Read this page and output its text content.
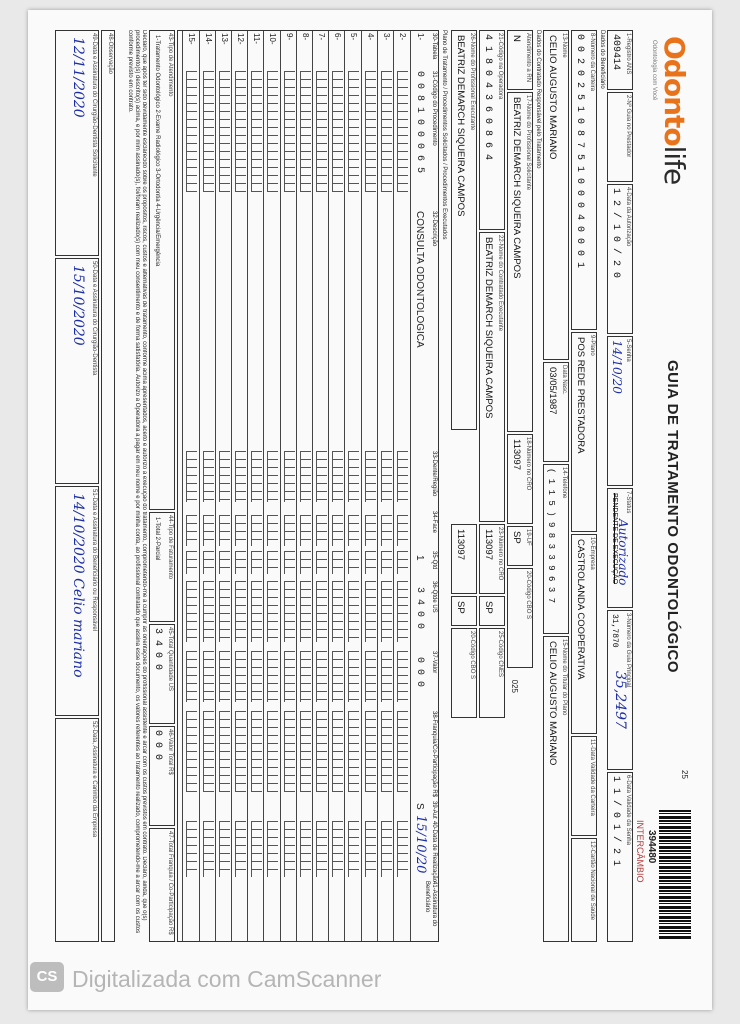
Odontolife
Odontologia com Você
GUIA DE TRATAMENTO ODONTOLÓGICO
25
394480
INTERCÂMBIO
1-Registro ANS
409414
2-Nº Guia no Prestador
4-Data da Autorização
1 2 / 1 0 / 2 0
5-Senha
14/10/20
7-Status
PENDENTE DE EXECUÇÃO
Autorizado
3-Número da Guia Principal
31,7870
35,2497
6-Data Validade da Senha
1 1 / 0 1 / 2 1
Dados do Beneficiário
8-Número da Carteira
0 0 2 0 2 5 1 0 8 7 5 1 0 0 0 4 0 0 0 1
9-Plano
POS REDE PRESTADORA
10-Empresa
CASTROLANDA COOPERATIVA
11-Data Validade da Carteira
12-Cartão Nacional de Saúde
13-Nome
CELIO AUGUSTO MARIANO
Data Nasc.
03/05/1987
14-Telefone
( 1 1 5 ) 9 8 3 3 9 6 3 7
15-Nome do Titular do Plano
CELIO AUGUSTO MARIANO
Dados do Contratado Responsável pelo Tratamento
Atendimento a RN
N
17-Nome do Profissional Solicitante
BEATRIZ DEMARCH SIQUEIRA CAMPOS
18-Número no CRO
113097
19-UF
SP
20-Código CBO S
025
21-Código na Operadora
4 1 8 0 4 3 6 0 8 6 4
22-Nome do Contratado Executante
BEATRIZ DEMARCH SIQUEIRA CAMPOS
23-Número no CRO
113097
SP
25-Código CNES
26-Nome do Profissional Executante
BEATRIZ DEMARCH SIQUEIRA CAMPOS
113097
SP
20-Código CBO S
Plano de Tratamento / Procedimentos Solicitados / Procedimentos Executados
30-Tabela
31-Código do Procedimento
32-Descrição
33-Dente/Região
34-Face
35-Qtd
36-Qtde US
37-Valor
38-Franquia/Co-Participação R$
39-Aut
40-Data de Realização
41-Assinatura do Beneficiário
1-
0 0 8 1 0 0 0 6 5
CONSULTA ODONTOLOGICA
1
3 4 0 0
0 0 0
S
15/10/20
2-
3-
4-
5-
6-
7-
8-
9-
10-
11-
12-
13-
14-
15-
43-Tipo de Atendimento
1-Tratamento Odontológico 2-Exame Radiológico 3-Ortodontia 4-Urgência/Emergência
44-Tipo de Faturamento
1-Total 2-Parcial
45-Total Quantidade US
3 4 0 0
46-Valor Total R$
0 0 0
47-Total Franquia / Co-Participação R$
Declaro, que após ter sido devidamente esclarecido sobre os propósitos, riscos, custos e alternativas de tratamento, conforme acima apresentados, aceito e autorizo a execução do tratamento, comprometendo-me a cumprir as orientações do profissional assistente e arcar com os custos previstos em contrato. Declaro, ainda, que o(s) procedimento(s) descrito(s) acima, e por mim assinado(s), foi/foram realizado(s) com meu consentimento e de forma satisfatória. Autorizo a Operadora a pagar em meu nome e por minha conta, ao profissional contratado que assina esse documento, os valores referentes ao tratamento realizado, comprometendo-me a arcar com os custos conforme previsto em contrato.
48-Observação
49-Data e Assinatura do Cirurgião-Dentista Solicitante
12/11/2020
50-Data e Assinatura do Cirurgião-Dentista
15/10/2020
51-Data e Assinatura do Beneficiário ou Responsável
14/10/2020 Celio mariano
52-Data, Assinatura e Carimbo da Empresa
CS Digitalizada com CamScanner
